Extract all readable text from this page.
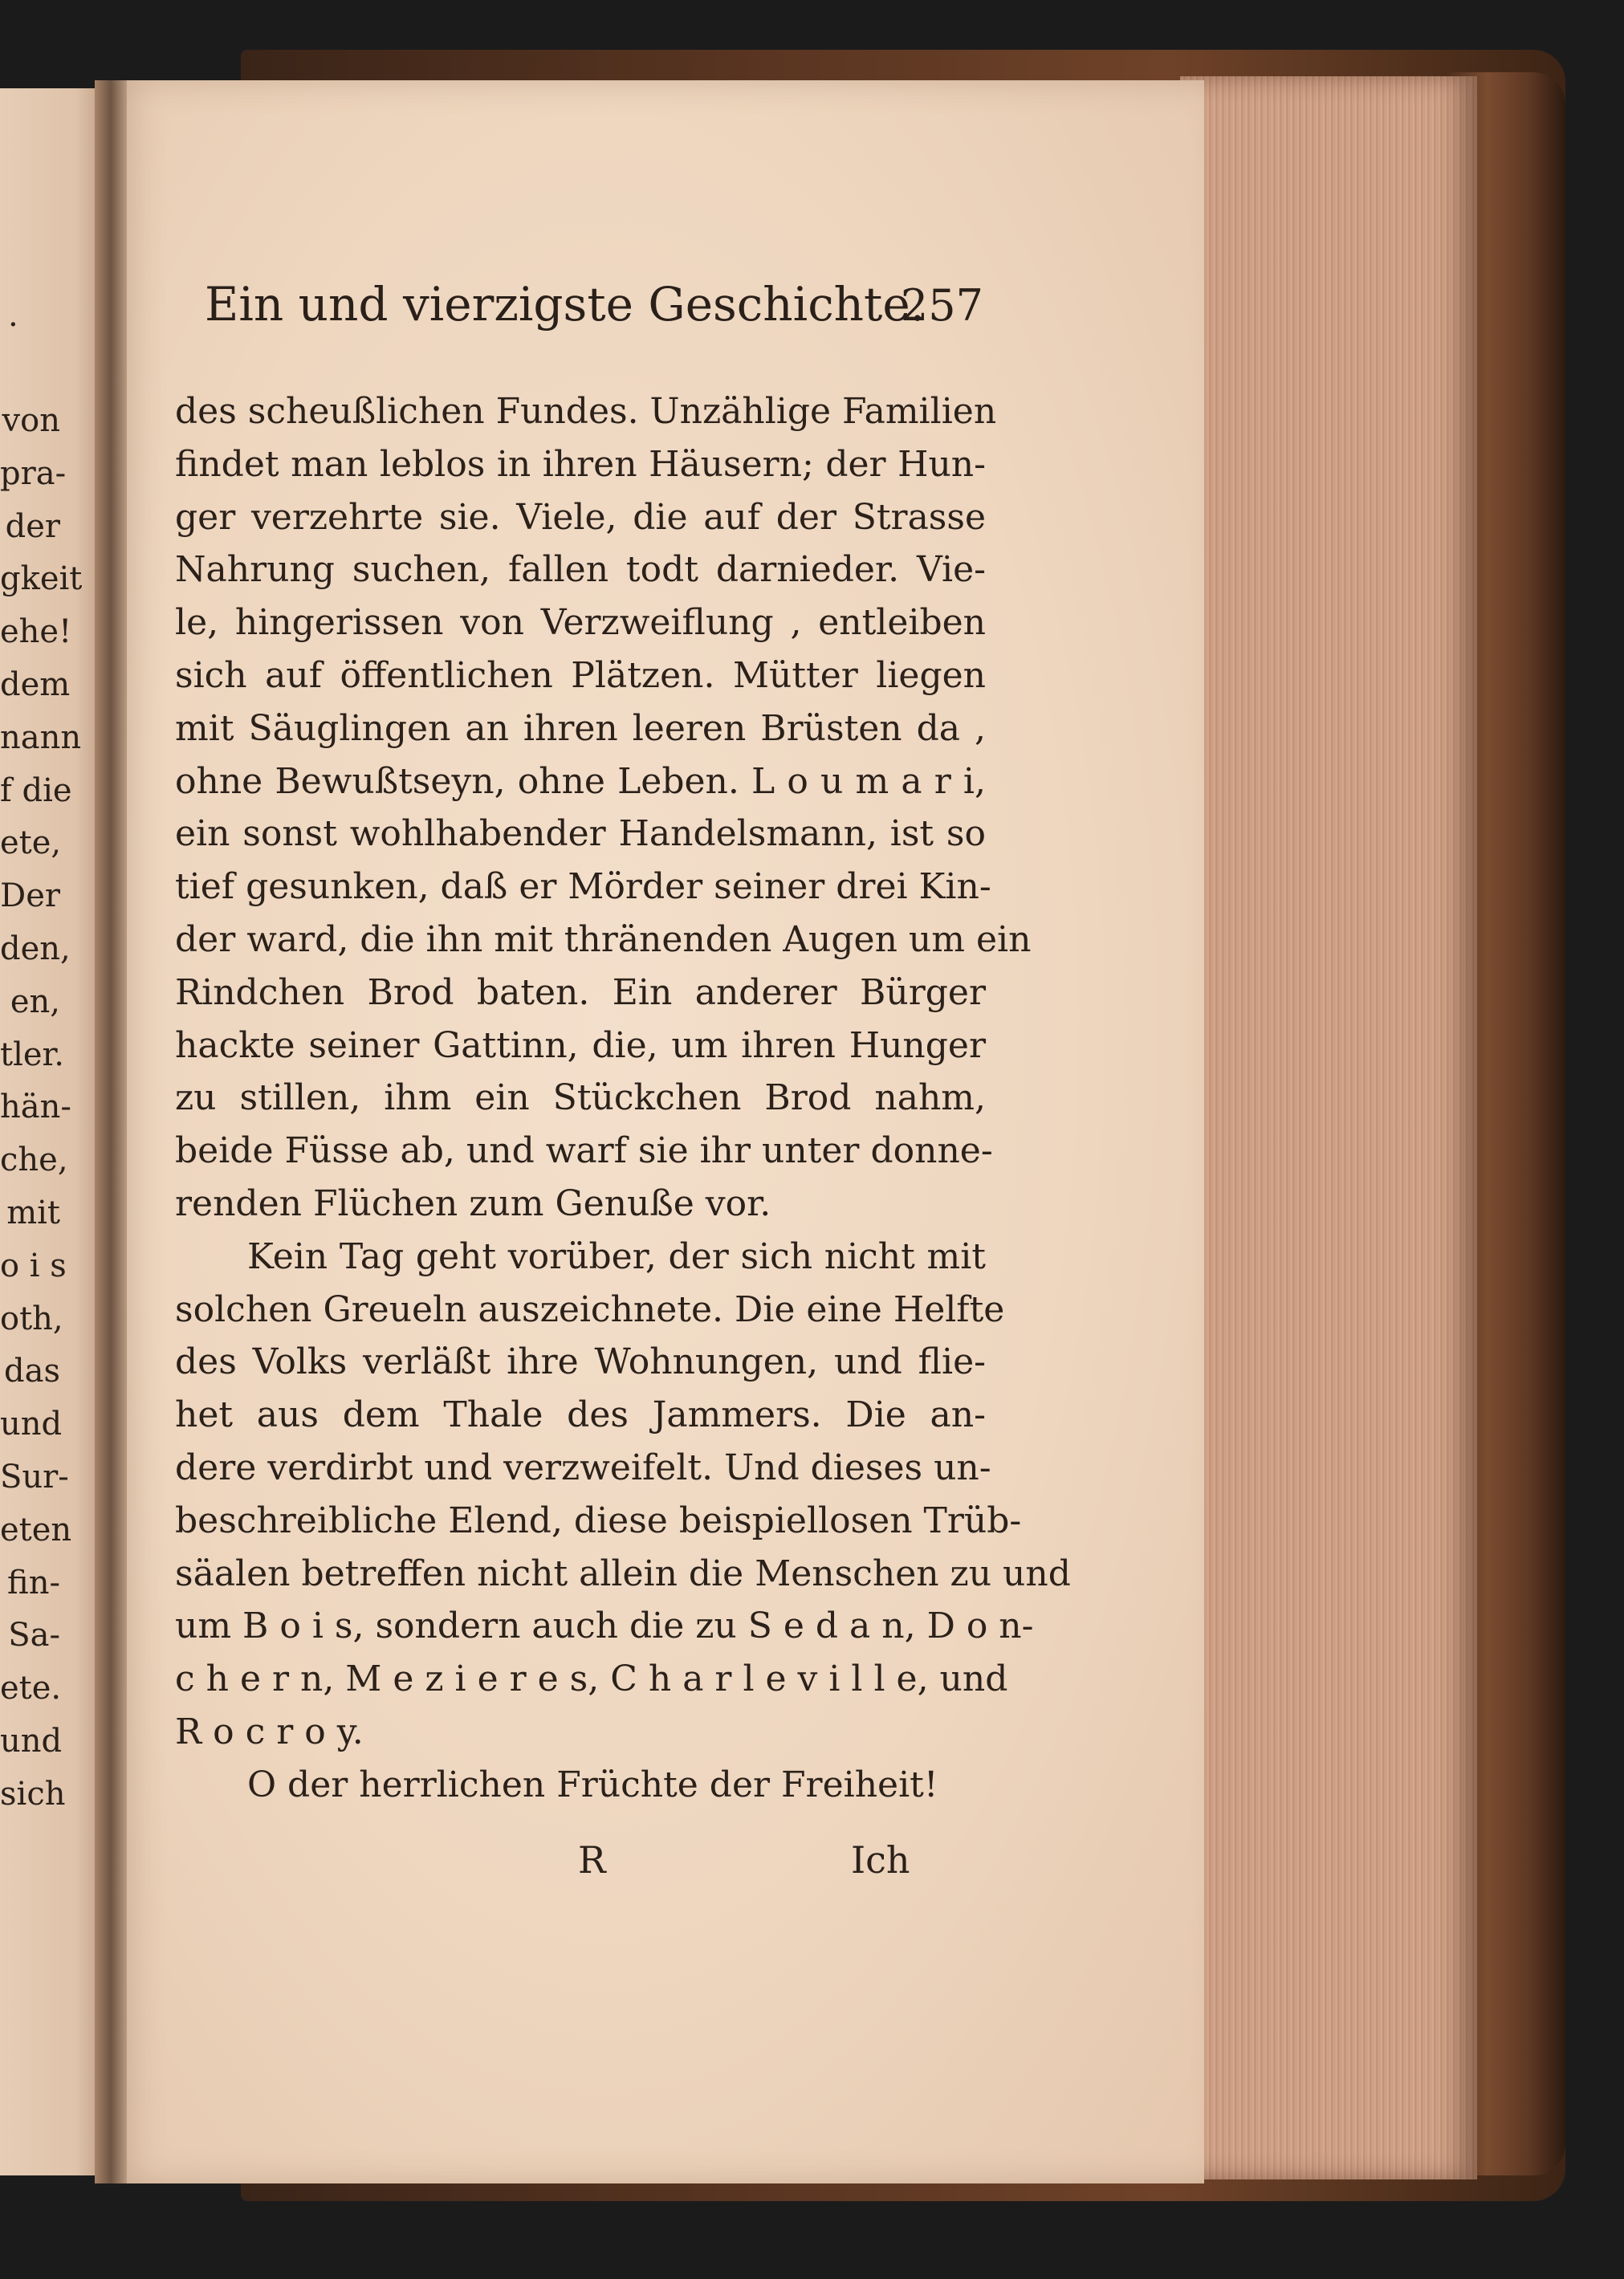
.
von
pra-
der
gkeit
ehe!
dem
nann
f die
ete,
Der
den,
en,
tler.
hän-
che,
mit
o i s
oth,
das
und
Sur-
eten
fin-
Sa-
ete.
und
sich
Ein und vierzigste Geschichte.
257
des scheußlichen Fundes. Unzählige Familien
findet man leblos in ihren Häusern; der Hun-
ger verzehrte sie. Viele, die auf der Strasse
Nahrung suchen, fallen todt darnieder. Vie-
le, hingerissen von Verzweiflung , entleiben
sich auf öffentlichen Plätzen. Mütter liegen
mit Säuglingen an ihren leeren Brüsten da ,
ohne Bewußtseyn, ohne Leben. L o u m a r i,
ein sonst wohlhabender Handelsmann, ist so
tief gesunken, daß er Mörder seiner drei Kin-
der ward, die ihn mit thränenden Augen um ein
Rindchen Brod baten. Ein anderer Bürger
hackte seiner Gattinn, die, um ihren Hunger
zu stillen, ihm ein Stückchen Brod nahm,
beide Füsse ab, und warf sie ihr unter donne-
renden Flüchen zum Genuße vor.
Kein Tag geht vorüber, der sich nicht mit
solchen Greueln auszeichnete. Die eine Helfte
des Volks verläßt ihre Wohnungen, und flie-
het aus dem Thale des Jammers. Die an-
dere verdirbt und verzweifelt. Und dieses un-
beschreibliche Elend, diese beispiellosen Trüb-
säalen betreffen nicht allein die Menschen zu und
um B o i s, sondern auch die zu S e d a n, D o n-
c h e r n, M e z i e r e s, C h a r l e v i l l e, und
R o c r o y.
O der herrlichen Früchte der Freiheit!
R	Ich
